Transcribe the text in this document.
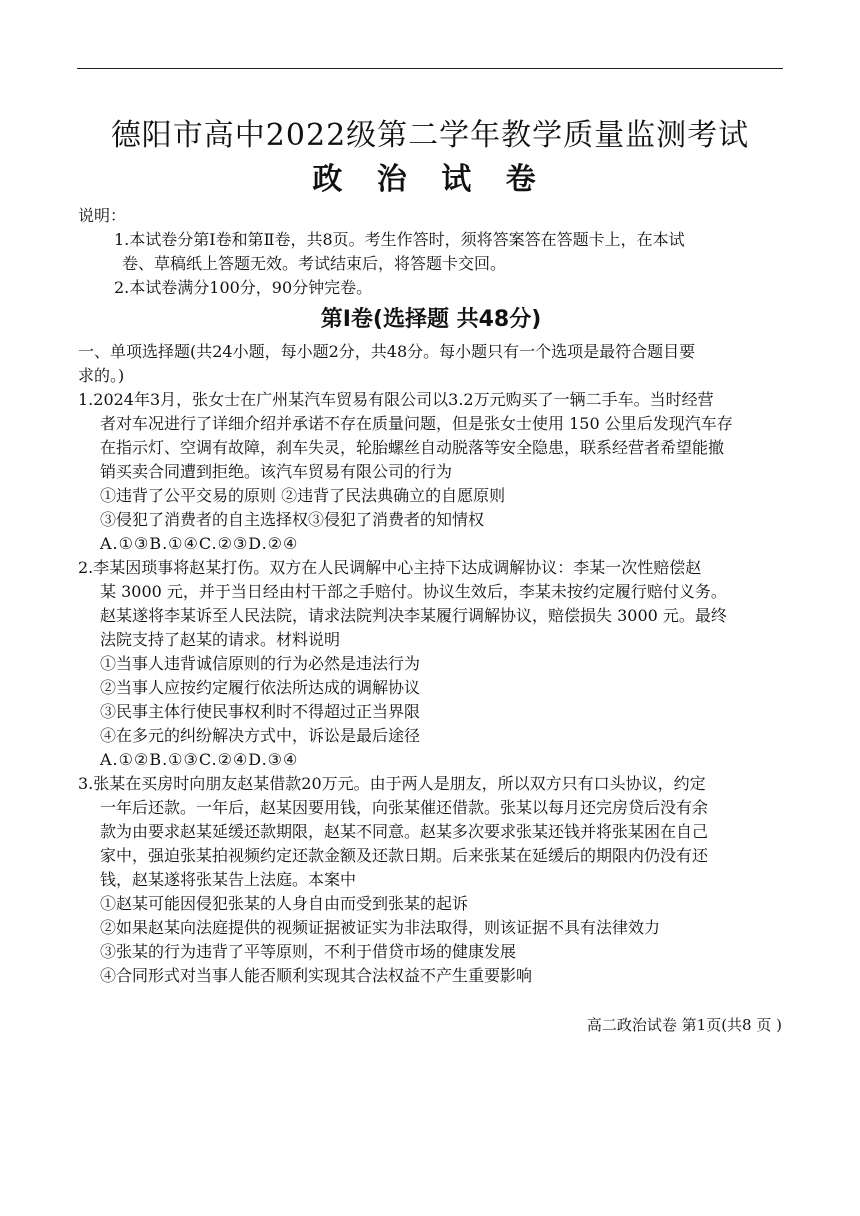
德阳市高中2022级第二学年教学质量监测考试
政 治 试 卷
说明：
1.本试卷分第Ⅰ卷和第Ⅱ卷，共8页。考生作答时，须将答案答在答题卡上，在本试
卷、草稿纸上答题无效。考试结束后，将答题卡交回。
2.本试卷满分100分，90分钟完卷。
第Ⅰ卷(选择题 共48分)
一、单项选择题(共24小题，每小题2分，共48分。每小题只有一个选项是最符合题目要
求的。)
1.2024年3月，张女士在广州某汽车贸易有限公司以3.2万元购买了一辆二手车。当时经营
者对车况进行了详细介绍并承诺不存在质量问题，但是张女士使用 150 公里后发现汽车存
在指示灯、空调有故障，刹车失灵，轮胎螺丝自动脱落等安全隐患，联系经营者希望能撤
销买卖合同遭到拒绝。该汽车贸易有限公司的行为
①违背了公平交易的原则 ②违背了民法典确立的自愿原则
③侵犯了消费者的自主选择权③侵犯了消费者的知情权
A.①③B.①④C.②③D.②④
2.李某因琐事将赵某打伤。双方在人民调解中心主持下达成调解协议：李某一次性赔偿赵
某 3000 元，并于当日经由村干部之手赔付。协议生效后，李某未按约定履行赔付义务。
赵某遂将李某诉至人民法院，请求法院判决李某履行调解协议，赔偿损失 3000 元。最终
法院支持了赵某的请求。材料说明
①当事人违背诚信原则的行为必然是违法行为
②当事人应按约定履行依法所达成的调解协议
③民事主体行使民事权利时不得超过正当界限
④在多元的纠纷解决方式中，诉讼是最后途径
A.①②B.①③C.②④D.③④
3.张某在买房时向朋友赵某借款20万元。由于两人是朋友，所以双方只有口头协议，约定
一年后还款。一年后，赵某因要用钱，向张某催还借款。张某以每月还完房贷后没有余
款为由要求赵某延缓还款期限，赵某不同意。赵某多次要求张某还钱并将张某困在自己
家中，强迫张某拍视频约定还款金额及还款日期。后来张某在延缓后的期限内仍没有还
钱，赵某遂将张某告上法庭。本案中
①赵某可能因侵犯张某的人身自由而受到张某的起诉
②如果赵某向法庭提供的视频证据被证实为非法取得，则该证据不具有法律效力
③张某的行为违背了平等原则，不利于借贷市场的健康发展
④合同形式对当事人能否顺利实现其合法权益不产生重要影响
高二政治试卷 第1页(共8 页 )
